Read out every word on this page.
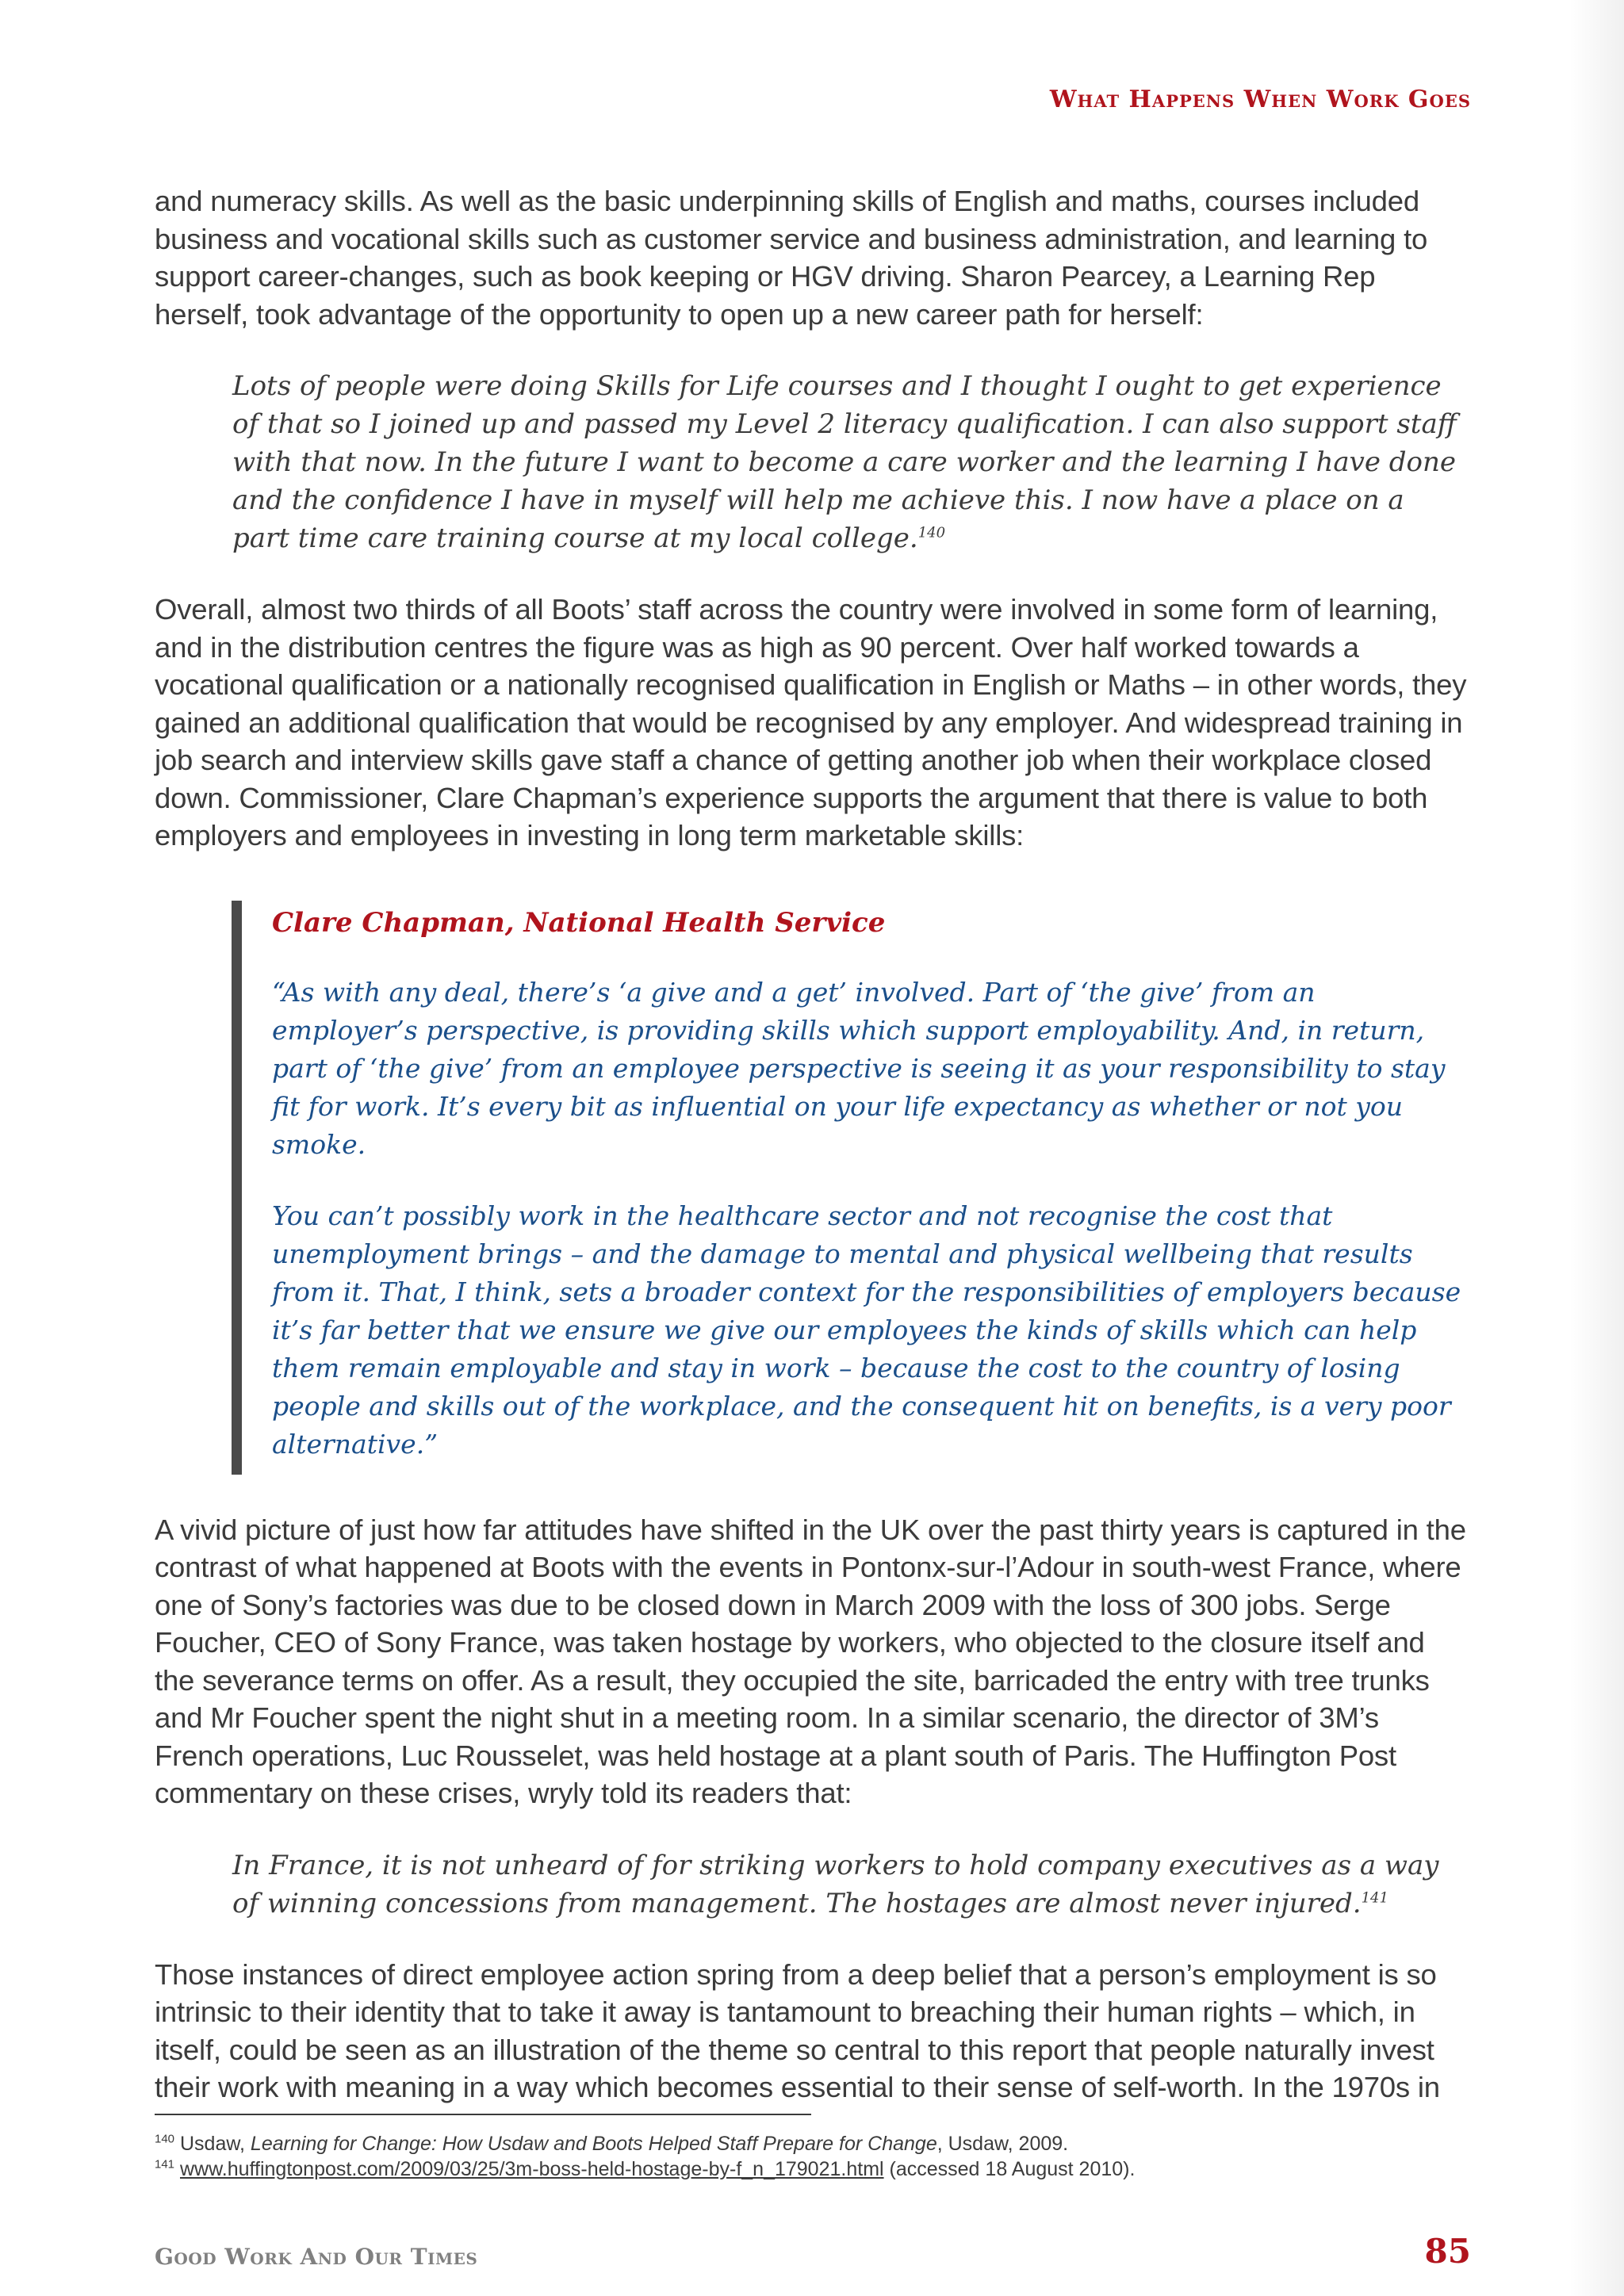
What Happens When Work Goes

and numeracy skills. As well as the basic underpinning skills of English and maths, courses included business and vocational skills such as customer service and business administration, and learning to support career-changes, such as book keeping or HGV driving. Sharon Pearcey, a Learning Rep herself, took advantage of the opportunity to open up a new career path for herself:

Lots of people were doing Skills for Life courses and I thought I ought to get experience of that so I joined up and passed my Level 2 literacy qualification. I can also support staff with that now. In the future I want to become a care worker and the learning I have done and the confidence I have in myself will help me achieve this. I now have a place on a part time care training course at my local college.$^{140}$

Overall, almost two thirds of all Boots’ staff across the country were involved in some form of learning, and in the distribution centres the figure was as high as 90 percent. Over half worked towards a vocational qualification or a nationally recognised qualification in English or Maths – in other words, they gained an additional qualification that would be recognised by any employer. And widespread training in job search and interview skills gave staff a chance of getting another job when their workplace closed down. Commissioner, Clare Chapman’s experience supports the argument that there is value to both employers and employees in investing in long term marketable skills:

Clare Chapman, National Health Service

“As with any deal, there’s ‘a give and a get’ involved. Part of ‘the give’ from an employer’s perspective, is providing skills which support employability. And, in return, part of ‘the give’ from an employee perspective is seeing it as your responsibility to stay fit for work. It’s every bit as influential on your life expectancy as whether or not you smoke.

You can’t possibly work in the healthcare sector and not recognise the cost that unemployment brings – and the damage to mental and physical wellbeing that results from it. That, I think, sets a broader context for the responsibilities of employers because it’s far better that we ensure we give our employees the kinds of skills which can help them remain employable and stay in work – because the cost to the country of losing people and skills out of the workplace, and the consequent hit on benefits, is a very poor alternative.”

A vivid picture of just how far attitudes have shifted in the UK over the past thirty years is captured in the contrast of what happened at Boots with the events in Pontonx-sur-l’Adour in south-west France, where one of Sony’s factories was due to be closed down in March 2009 with the loss of 300 jobs. Serge Foucher, CEO of Sony France, was taken hostage by workers, who objected to the closure itself and the severance terms on offer. As a result, they occupied the site, barricaded the entry with tree trunks and Mr Foucher spent the night shut in a meeting room. In a similar scenario, the director of 3M’s French operations, Luc Rousselet, was held hostage at a plant south of Paris. The Huffington Post commentary on these crises, wryly told its readers that:

In France, it is not unheard of for striking workers to hold company executives as a way of winning concessions from management. The hostages are almost never injured.$^{141}$

Those instances of direct employee action spring from a deep belief that a person’s employment is so intrinsic to their identity that to take it away is tantamount to breaching their human rights – which, in itself, could be seen as an illustration of the theme so central to this report that people naturally invest their work with meaning in a way which becomes essential to their sense of self-worth. In the 1970s in

$^{140}$ Usdaw, Learning for Change: How Usdaw and Boots Helped Staff Prepare for Change, Usdaw, 2009.

$^{141}$ www.huffingtonpost.com/2009/03/25/3m-boss-held-hostage-by-f_n_179021.html (accessed 18 August 2010).

Good Work And Our Times	85
